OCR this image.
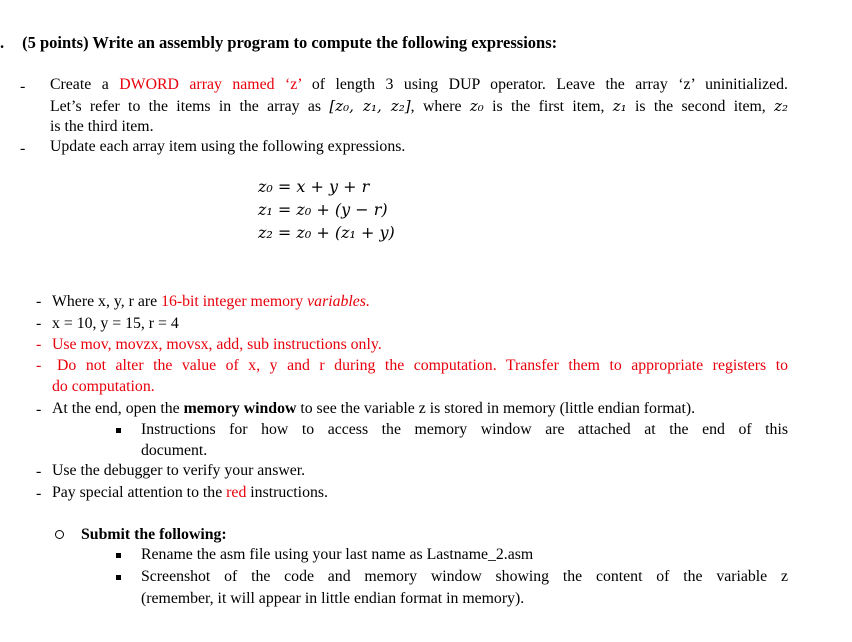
. (5 points) Write an assembly program to compute the following expressions:
- Create a DWORD array named ‘z’ of length 3 using DUP operator. Leave the array ‘z’ uninitialized.
Let’s refer to the items in the array as [z₀, z₁, z₂], where z₀ is the first item, z₁ is the second item, z₂
is the third item.
- Update each array item using the following expressions.
z₀ = x + y + r
z₁ = z₀ + (y − r)
z₂ = z₀ + (z₁ + y)
- Where x, y, r are 16-bit integer memory variables.
- x = 10, y = 15, r = 4
- Use mov, movzx, movsx, add, sub instructions only.
- Do not alter the value of x, y and r during the computation. Transfer them to appropriate registers to
do computation.
- At the end, open the memory window to see the variable z is stored in memory (little endian format).
Instructions for how to access the memory window are attached at the end of this
document.
- Use the debugger to verify your answer.
- Pay special attention to the red instructions.
Submit the following:
Rename the asm file using your last name as Lastname_2.asm
Screenshot of the code and memory window showing the content of the variable z
(remember, it will appear in little endian format in memory).
